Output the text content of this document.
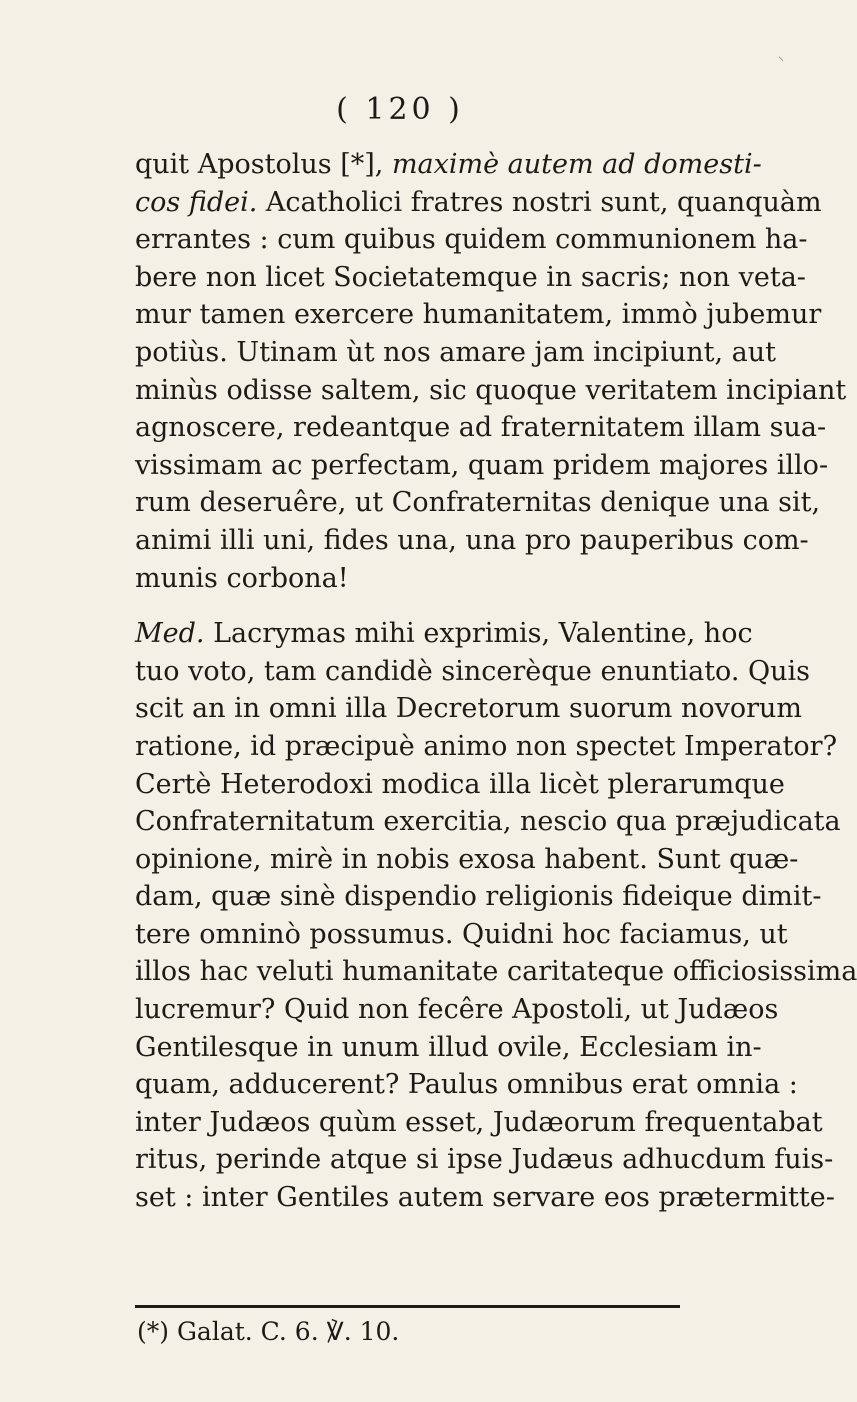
⸜
( 120 )
quit Apostolus [*], maximè autem ad domesti-
cos fidei. Acatholici fratres nostri sunt, quanquàm
errantes : cum quibus quidem communionem ha-
bere non licet Societatemque in sacris; non veta-
mur tamen exercere humanitatem, immò jubemur
potiùs. Utinam ùt nos amare jam incipiunt, aut
minùs odisse saltem, sic quoque veritatem incipiant
agnoscere, redeantque ad fraternitatem illam sua-
vissimam ac perfectam, quam pridem majores illo-
rum deseruêre, ut Confraternitas denique una sit,
animi illi uni, fides una, una pro pauperibus com-
munis corbona!
Med. Lacrymas mihi exprimis, Valentine, hoc
tuo voto, tam candidè sincerèque enuntiato. Quis
scit an in omni illa Decretorum suorum novorum
ratione, id præcipuè animo non spectet Imperator?
Certè Heterodoxi modica illa licèt plerarumque
Confraternitatum exercitia, nescio qua præjudicata
opinione, mirè in nobis exosa habent. Sunt quæ-
dam, quæ sinè dispendio religionis fideique dimit-
tere omninò possumus. Quidni hoc faciamus, ut
illos hac veluti humanitate caritateque officiosissima
lucremur? Quid non fecêre Apostoli, ut Judæos
Gentilesque in unum illud ovile, Ecclesiam in-
quam, adducerent? Paulus omnibus erat omnia :
inter Judæos quùm esset, Judæorum frequentabat
ritus, perinde atque si ipse Judæus adhucdum fuis-
set : inter Gentiles autem servare eos prætermitte-
(*) Galat. C. 6. ℣. 10.
